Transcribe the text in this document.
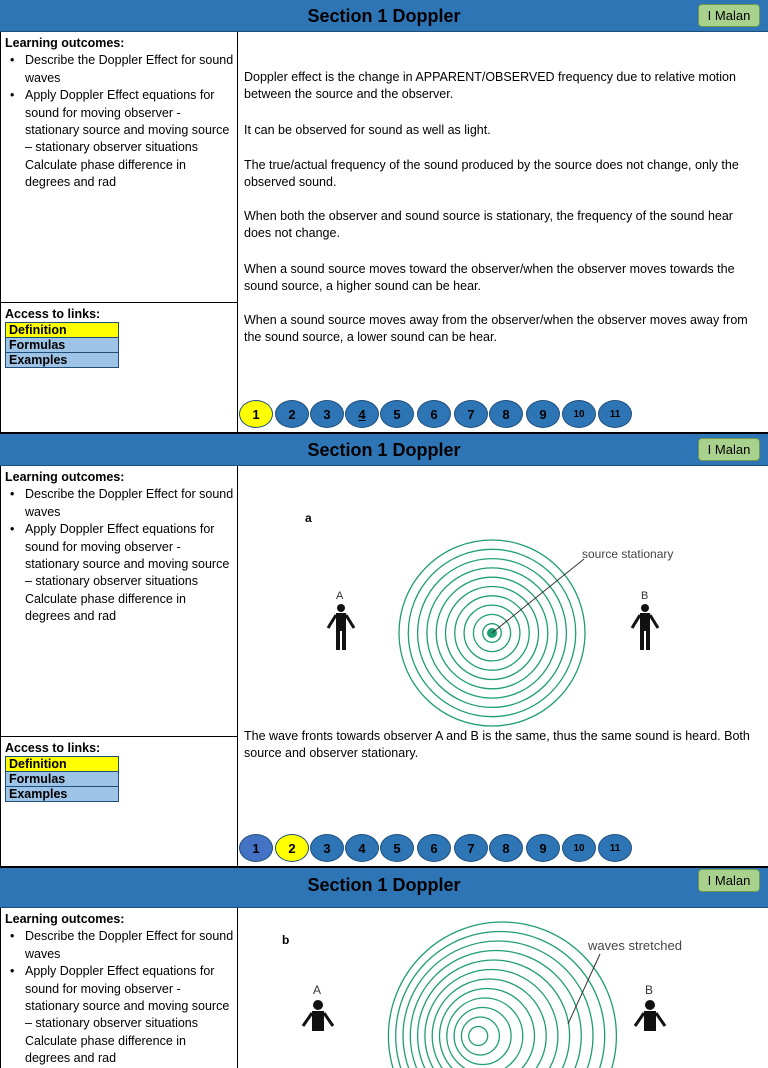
Section 1 Doppler	I Malan
Learning outcomes:
• Describe the Doppler Effect for sound waves
• Apply Doppler Effect equations for sound for moving observer - stationary source and moving source – stationary observer situations Calculate phase difference in degrees and rad
Access to links:
Definition
Formulas
Examples
Doppler effect is the change in APPARENT/OBSERVED frequency due to relative motion between the source and the observer.
It can be observed for sound as well as light.
The true/actual frequency of the sound produced by the source does not change, only the observed sound.
When both the observer and sound source is stationary, the frequency of the sound hear does not change.
When a sound source moves toward the observer/when the observer moves towards the sound source, a higher sound can be hear.
When a sound source moves away from the observer/when the observer moves away from the sound source, a lower sound can be hear.
1	2	3	4	5	6	7	8	9	10	11
Section 1 Doppler	I Malan
Learning outcomes:
• Describe the Doppler Effect for sound waves
• Apply Doppler Effect equations for sound for moving observer - stationary source and moving source – stationary observer situations Calculate phase difference in degrees and rad
Access to links:
Definition
Formulas
Examples
a
source stationary
A	B
The wave fronts towards observer A and B is the same, thus the same sound is heard. Both source and observer stationary.
1	2	3	4	5	6	7	8	9	10	11
Section 1 Doppler	I Malan
Learning outcomes:
• Describe the Doppler Effect for sound waves
• Apply Doppler Effect equations for sound for moving observer - stationary source and moving source – stationary observer situations Calculate phase difference in degrees and rad
b	waves stretched
A	B
